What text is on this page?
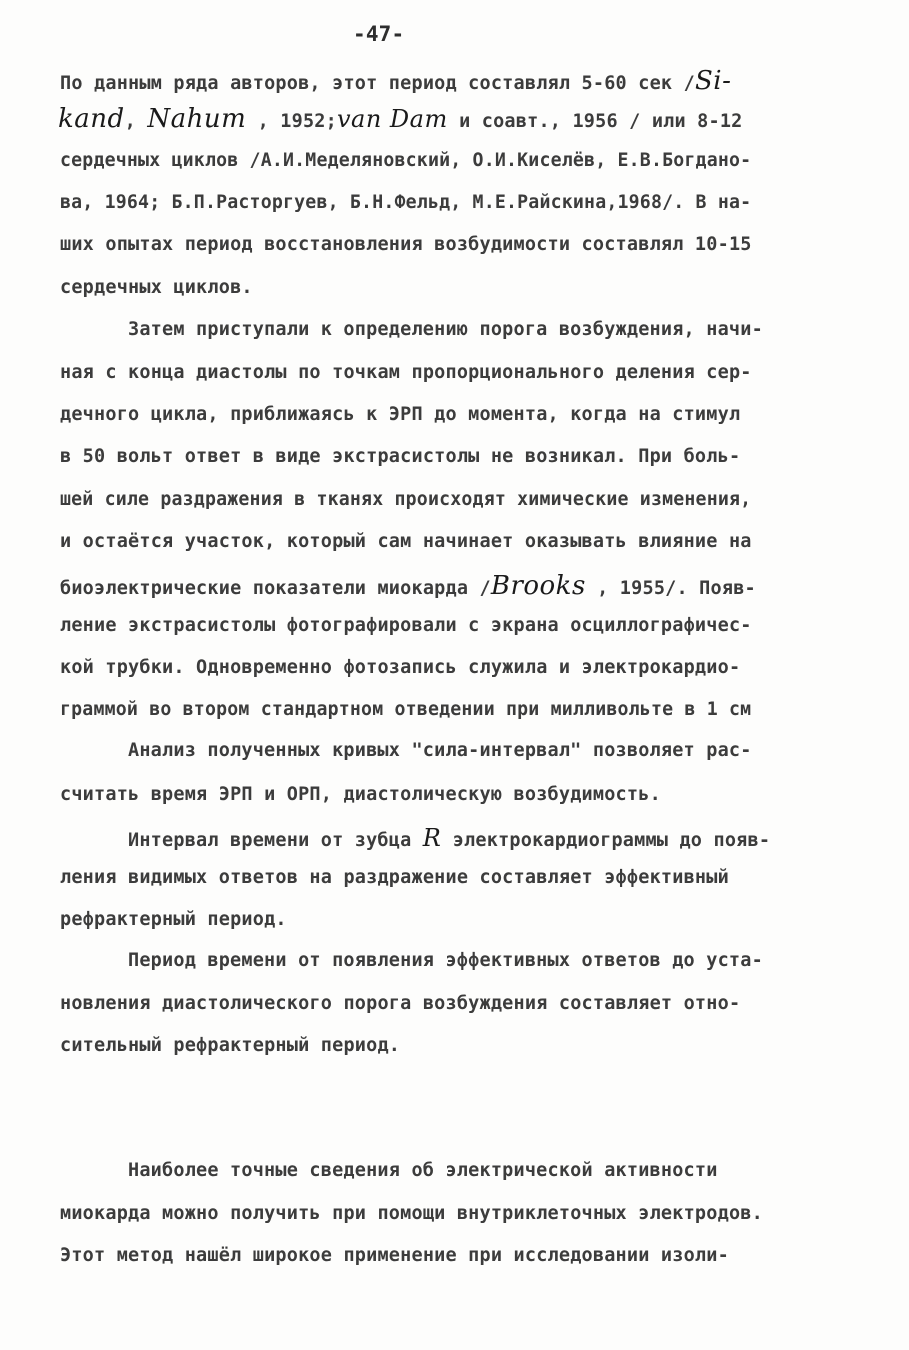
-47-
По данным ряда авторов, этот период составлял 5-60 сек /Si-
kand, Nahum , 1952;van Dam и соавт., 1956 / или 8-12
сердечных циклов /А.И.Меделяновский, О.И.Киселёв, Е.В.Богдано-
ва, 1964; Б.П.Расторгуев, Б.Н.Фельд, М.Е.Райскина,1968/. В на-
ших опытах период восстановления возбудимости составлял 10-15
сердечных циклов.
Затем приступали к определению порога возбуждения, начи-
ная с конца диастолы по точкам пропорционального деления сер-
дечного цикла, приближаясь к ЭРП до момента, когда на стимул
в 50 вольт ответ в виде экстрасистолы не возникал. При боль-
шей силе раздражения в тканях происходят химические изменения,
и остаётся участок, который сам начинает оказывать влияние на
биоэлектрические показатели миокарда /Brooks , 1955/. Появ-
ление экстрасистолы фотографировали с экрана осциллографичес-
кой трубки. Одновременно фотозапись служила и электрокардио-
граммой во втором стандартном отведении при милливольте в 1 см
Анализ полученных кривых "сила-интервал" позволяет рас-
считать время ЭРП и ОРП, диастолическую возбудимость.
Интервал времени от зубца R электрокардиограммы до появ-
ления видимых ответов на раздражение составляет эффективный
рефрактерный период.
Период времени от появления эффективных ответов до уста-
новления диастолического порога возбуждения составляет отно-
сительный рефрактерный период.
Наиболее точные сведения об электрической активности
миокарда можно получить при помощи внутриклеточных электродов.
Этот метод нашёл широкое применение при исследовании изоли-
